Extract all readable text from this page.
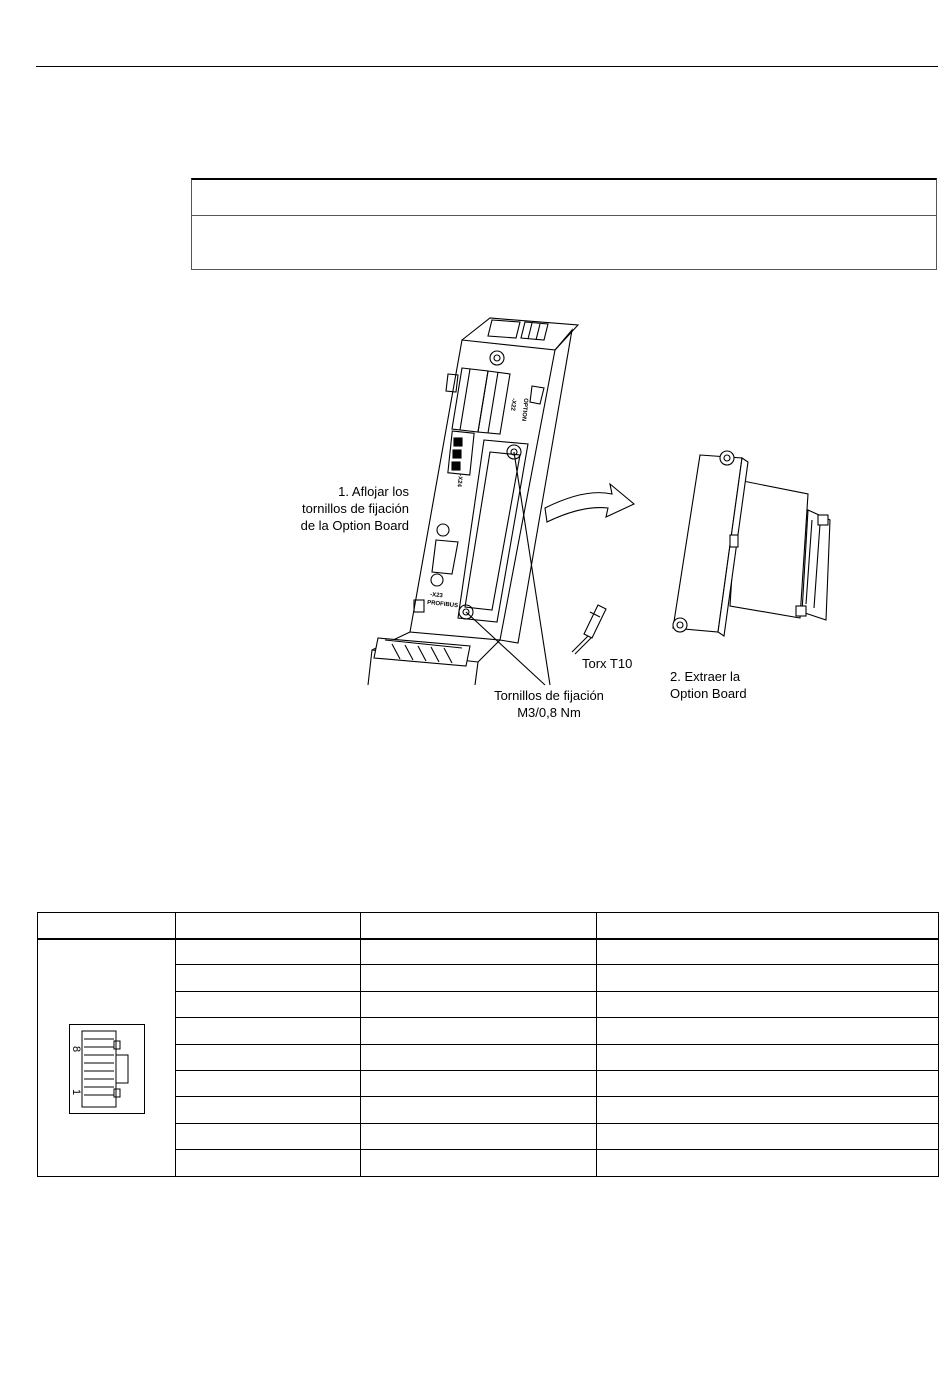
-X24
-X22 OPTION
-X23
PROFIBUS
1. Aflojar los
tornillos de fijación
de la Option Board
Torx T10
2. Extraer la
Option Board
Tornillos de fijación
M3/0,8 Nm

8
1			
